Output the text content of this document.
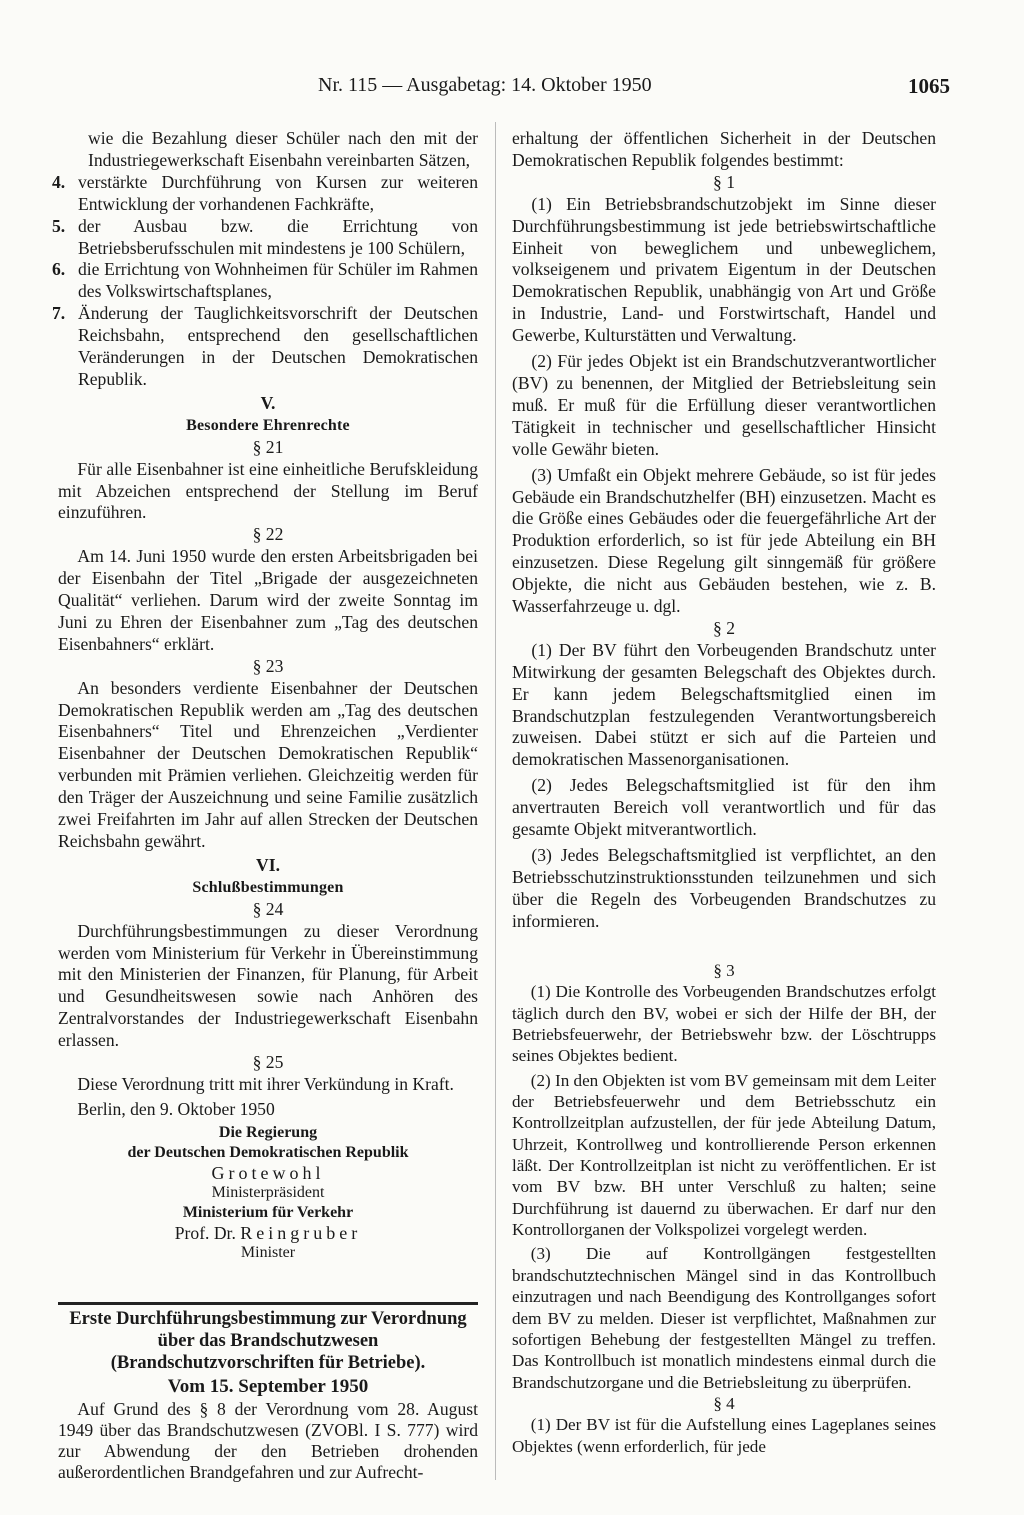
Nr. 115 — Ausgabetag: 14. Oktober 1950	1065

wie die Bezahlung dieser Schüler nach den mit der Industriegewerkschaft Eisenbahn vereinbarten Sätzen,

4. verstärkte Durchführung von Kursen zur weiteren Entwicklung der vorhandenen Fachkräfte,
5. der Ausbau bzw. die Errichtung von Betriebsberufsschulen mit mindestens je 100 Schülern,
6. die Errichtung von Wohnheimen für Schüler im Rahmen des Volkswirtschaftsplanes,
7. Änderung der Tauglichkeitsvorschrift der Deutschen Reichsbahn, entsprechend den gesellschaftlichen Veränderungen in der Deutschen Demokratischen Republik.

V.

Besondere Ehrenrechte

§ 21

Für alle Eisenbahner ist eine einheitliche Berufskleidung mit Abzeichen entsprechend der Stellung im Beruf einzuführen.

§ 22

Am 14. Juni 1950 wurde den ersten Arbeitsbrigaden bei der Eisenbahn der Titel „Brigade der ausgezeichneten Qualität“ verliehen. Darum wird der zweite Sonntag im Juni zu Ehren der Eisenbahner zum „Tag des deutschen Eisenbahners“ erklärt.

§ 23

An besonders verdiente Eisenbahner der Deutschen Demokratischen Republik werden am „Tag des deutschen Eisenbahners“ Titel und Ehrenzeichen „Verdienter Eisenbahner der Deutschen Demokratischen Republik“ verbunden mit Prämien verliehen. Gleichzeitig werden für den Träger der Auszeichnung und seine Familie zusätzlich zwei Freifahrten im Jahr auf allen Strecken der Deutschen Reichsbahn gewährt.

VI.

Schlußbestimmungen

§ 24

Durchführungsbestimmungen zu dieser Verordnung werden vom Ministerium für Verkehr in Übereinstimmung mit den Ministerien der Finanzen, für Planung, für Arbeit und Gesundheitswesen sowie nach Anhören des Zentralvorstandes der Industriegewerkschaft Eisenbahn erlassen.

§ 25

Diese Verordnung tritt mit ihrer Verkündung in Kraft.

Berlin, den 9. Oktober 1950

Die Regierung
der Deutschen Demokratischen Republik
Grotewohl
Ministerpräsident
Ministerium für Verkehr
Prof. Dr. Reingruber
Minister

Erste Durchführungsbestimmung zur Verordnung über das Brandschutzwesen (Brandschutzvorschriften für Betriebe).

Vom 15. September 1950

Auf Grund des § 8 der Verordnung vom 28. August 1949 über das Brandschutzwesen (ZVOBl. I S. 777) wird zur Abwendung der den Betrieben drohenden außerordentlichen Brandgefahren und zur Aufrecht-

erhaltung der öffentlichen Sicherheit in der Deutschen Demokratischen Republik folgendes bestimmt:

§ 1

(1) Ein Betriebsbrandschutzobjekt im Sinne dieser Durchführungsbestimmung ist jede betriebswirtschaftliche Einheit von beweglichem und unbeweglichem, volkseigenem und privatem Eigentum in der Deutschen Demokratischen Republik, unabhängig von Art und Größe in Industrie, Land- und Forstwirtschaft, Handel und Gewerbe, Kulturstätten und Verwaltung.

(2) Für jedes Objekt ist ein Brandschutzverantwortlicher (BV) zu benennen, der Mitglied der Betriebsleitung sein muß. Er muß für die Erfüllung dieser verantwortlichen Tätigkeit in technischer und gesellschaftlicher Hinsicht volle Gewähr bieten.

(3) Umfaßt ein Objekt mehrere Gebäude, so ist für jedes Gebäude ein Brandschutzhelfer (BH) einzusetzen. Macht es die Größe eines Gebäudes oder die feuergefährliche Art der Produktion erforderlich, so ist für jede Abteilung ein BH einzusetzen. Diese Regelung gilt sinngemäß für größere Objekte, die nicht aus Gebäuden bestehen, wie z. B. Wasserfahrzeuge u. dgl.

§ 2

(1) Der BV führt den Vorbeugenden Brandschutz unter Mitwirkung der gesamten Belegschaft des Objektes durch. Er kann jedem Belegschaftsmitglied einen im Brandschutzplan festzulegenden Verantwortungsbereich zuweisen. Dabei stützt er sich auf die Parteien und demokratischen Massenorganisationen.

(2) Jedes Belegschaftsmitglied ist für den ihm anvertrauten Bereich voll verantwortlich und für das gesamte Objekt mitverantwortlich.

(3) Jedes Belegschaftsmitglied ist verpflichtet, an den Betriebsschutzinstruktionsstunden teilzunehmen und sich über die Regeln des Vorbeugenden Brandschutzes zu informieren.

§ 3

(1) Die Kontrolle des Vorbeugenden Brandschutzes erfolgt täglich durch den BV, wobei er sich der Hilfe der BH, der Betriebsfeuerwehr, der Betriebswehr bzw. der Löschtrupps seines Objektes bedient.

(2) In den Objekten ist vom BV gemeinsam mit dem Leiter der Betriebsfeuerwehr und dem Betriebsschutz ein Kontrollzeitplan aufzustellen, der für jede Abteilung Datum, Uhrzeit, Kontrollweg und kontrollierende Person erkennen läßt. Der Kontrollzeitplan ist nicht zu veröffentlichen. Er ist vom BV bzw. BH unter Verschluß zu halten; seine Durchführung ist dauernd zu überwachen. Er darf nur den Kontrollorganen der Volkspolizei vorgelegt werden.

(3) Die auf Kontrollgängen festgestellten brandschutztechnischen Mängel sind in das Kontrollbuch einzutragen und nach Beendigung des Kontrollganges sofort dem BV zu melden. Dieser ist verpflichtet, Maßnahmen zur sofortigen Behebung der festgestellten Mängel zu treffen. Das Kontrollbuch ist monatlich mindestens einmal durch die Brandschutzorgane und die Betriebsleitung zu überprüfen.

§ 4

(1) Der BV ist für die Aufstellung eines Lageplanes seines Objektes (wenn erforderlich, für jede
